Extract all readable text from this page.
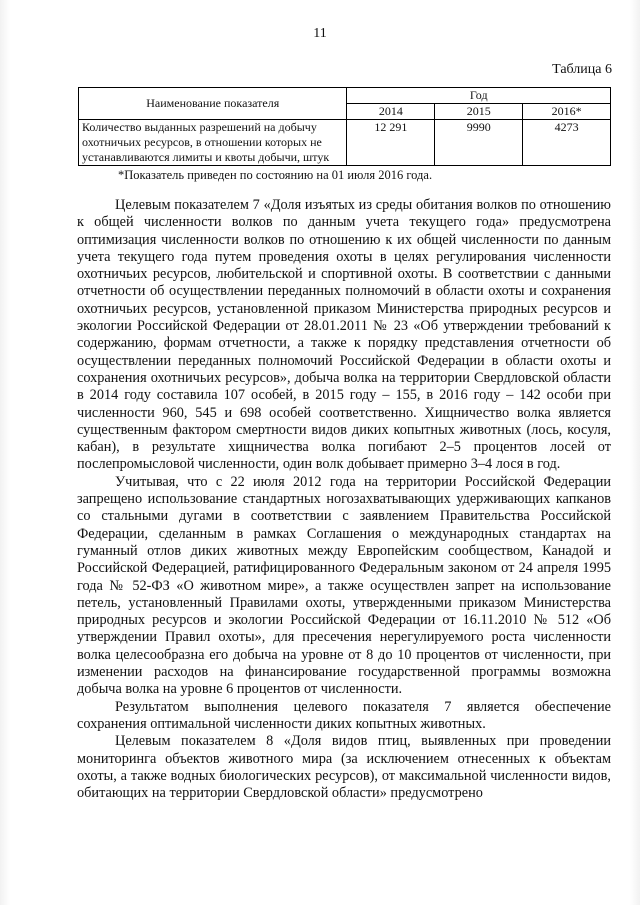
11
Таблица 6
Наименование показателя	Год		
	2014	2015	2016*
Количество выданных разрешений на добычу охотничьих ресурсов, в отношении которых не устанавливаются лимиты и квоты добычи, штук	12 291	9990	4273
*Показатель приведен по состоянию на 01 июля 2016 года.

Целевым показателем 7 «Доля изъятых из среды обитания волков по отношению к общей численности волков по данным учета текущего года» предусмотрена оптимизация численности волков по отношению к их общей численности по данным учета текущего года путем проведения охоты в целях регулирования численности охотничьих ресурсов, любительской и спортивной охоты. В соответствии с данными отчетности об осуществлении переданных полномочий в области охоты и сохранения охотничьих ресурсов, установленной приказом Министерства природных ресурсов и экологии Российской Федерации от 28.01.2011 № 23 «Об утверждении требований к содержанию, формам отчетности, а также к порядку представления отчетности об осуществлении переданных полномочий Российской Федерации в области охоты и сохранения охотничьих ресурсов», добыча волка на территории Свердловской области в 2014 году составила 107 особей, в 2015 году – 155, в 2016 году – 142 особи при численности 960, 545 и 698 особей соответственно. Хищничество волка является существенным фактором смертности видов диких копытных животных (лось, косуля, кабан), в результате хищничества волка погибают 2–5 процентов лосей от послепромысловой численности, один волк добывает примерно 3–4 лося в год.

Учитывая, что с 22 июля 2012 года на территории Российской Федерации запрещено использование стандартных ногозахватывающих удерживающих капканов со стальными дугами в соответствии с заявлением Правительства Российской Федерации, сделанным в рамках Соглашения о международных стандартах на гуманный отлов диких животных между Европейским сообществом, Канадой и Российской Федерацией, ратифицированного Федеральным законом от 24 апреля 1995 года № 52-ФЗ «О животном мире», а также осуществлен запрет на использование петель, установленный Правилами охоты, утвержденными приказом Министерства природных ресурсов и экологии Российской Федерации от 16.11.2010 № 512 «Об утверждении Правил охоты», для пресечения нерегулируемого роста численности волка целесообразна его добыча на уровне от 8 до 10 процентов от численности, при изменении расходов на финансирование государственной программы возможна добыча волка на уровне 6 процентов от численности.

Результатом выполнения целевого показателя 7 является обеспечение сохранения оптимальной численности диких копытных животных.

Целевым показателем 8 «Доля видов птиц, выявленных при проведении мониторинга объектов животного мира (за исключением отнесенных к объектам охоты, а также водных биологических ресурсов), от максимальной численности видов, обитающих на территории Свердловской области» предусмотрено
